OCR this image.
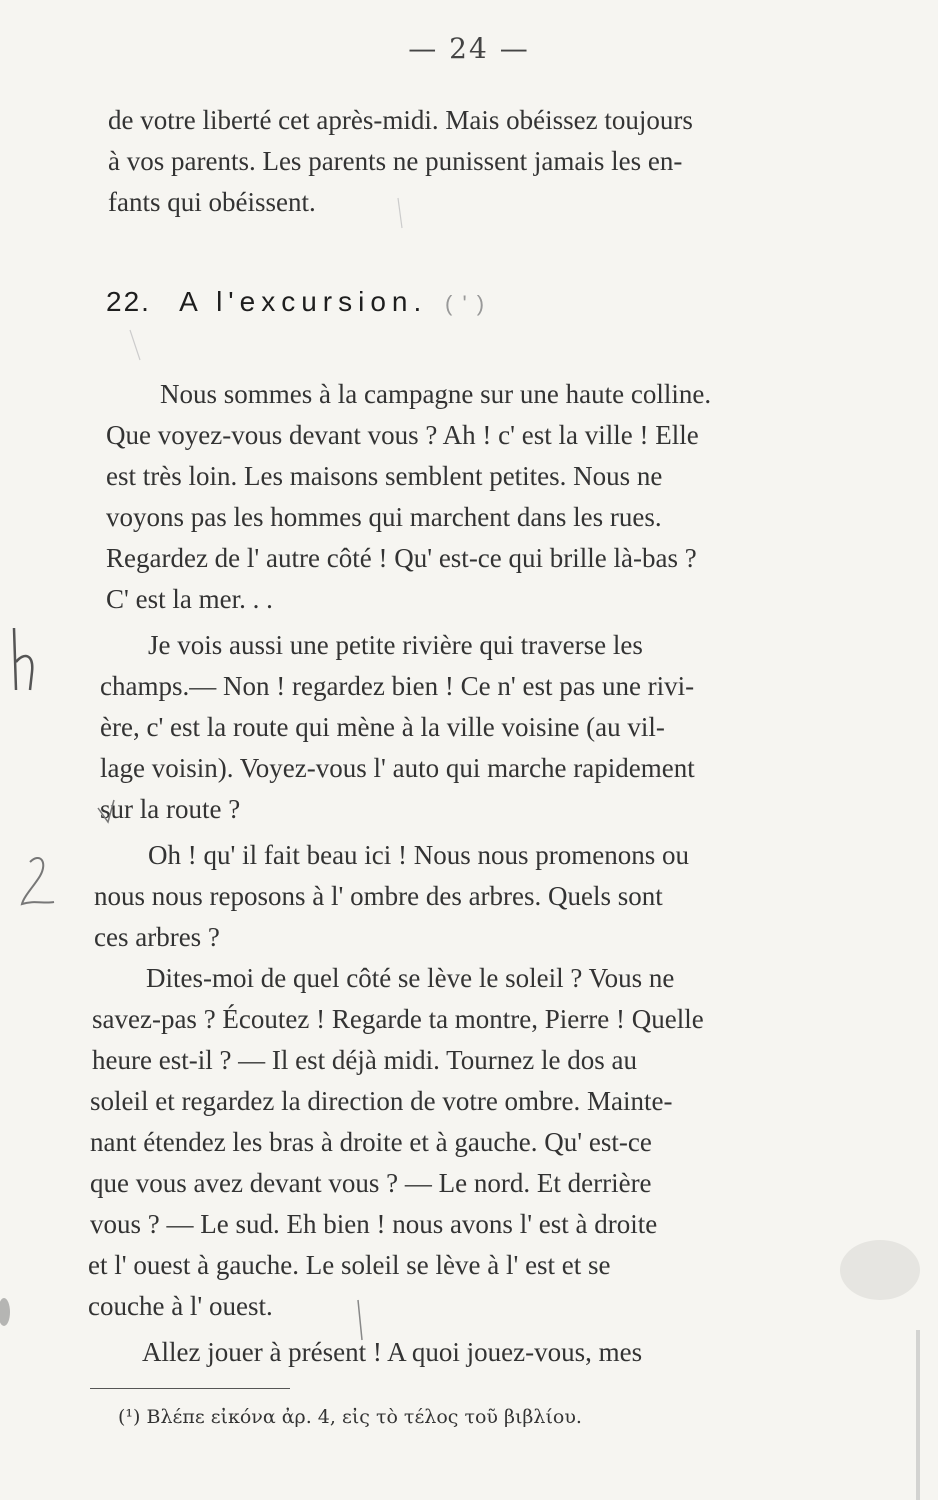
— 24 —
de votre liberté cet après-midi. Mais obéissez toujours
à vos parents. Les parents ne punissent jamais les en-
fants qui obéissent.
22. A l'excursion. ( ' )
Nous sommes à la campagne sur une haute colline.
Que voyez-vous devant vous ? Ah ! c' est la ville ! Elle
est très loin. Les maisons semblent petites. Nous ne
voyons pas les hommes qui marchent dans les rues.
Regardez de l' autre côté ! Qu' est-ce qui brille là-bas ?
C' est la mer. . .
Je vois aussi une petite rivière qui traverse les
champs.— Non ! regardez bien ! Ce n' est pas une rivi-
ère, c' est la route qui mène à la ville voisine (au vil-
lage voisin). Voyez-vous l' auto qui marche rapidement
sur la route ?
Oh ! qu' il fait beau ici ! Nous nous promenons ou
nous nous reposons à l' ombre des arbres. Quels sont
ces arbres ?
Dites-moi de quel côté se lève le soleil ? Vous ne
savez-pas ? Écoutez ! Regarde ta montre, Pierre ! Quelle
heure est-il ? — Il est déjà midi. Tournez le dos au
soleil et regardez la direction de votre ombre. Mainte-
nant étendez les bras à droite et à gauche. Qu' est-ce
que vous avez devant vous ? — Le nord. Et derrière
vous ? — Le sud. Eh bien ! nous avons l' est à droite
et l' ouest à gauche. Le soleil se lève à l' est et se
couche à l' ouest.
Allez jouer à présent ! A quoi jouez-vous, mes
(¹) Βλέπε εἰκόνα ἀρ. 4, εἰς τὸ τέλος τοῦ βιβλίου.
